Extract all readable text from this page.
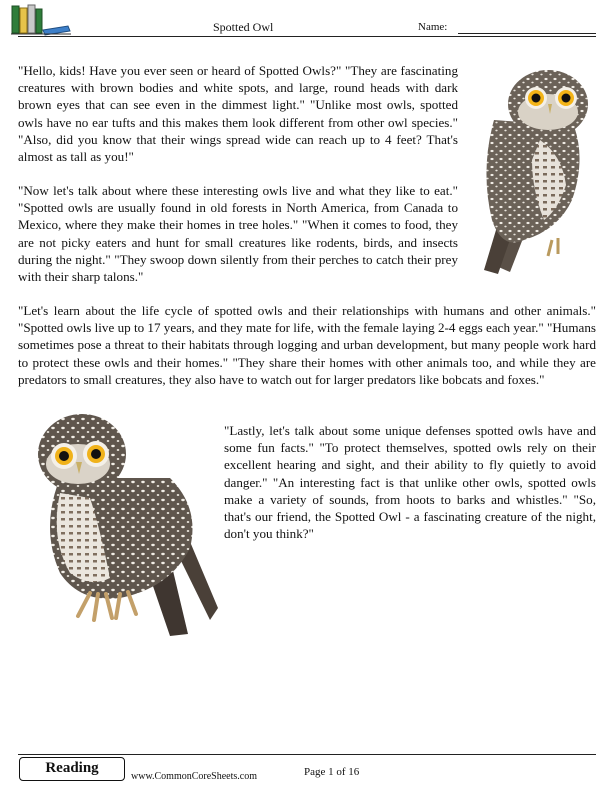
Spotted Owl	Name:

"Hello, kids! Have you ever seen or heard of Spotted Owls?" "They are fascinating creatures with brown bodies and white spots, and large, round heads with dark brown eyes that can see even in the dimmest light." "Unlike most owls, spotted owls have no ear tufts and this makes them look different from other owl species." "Also, did you know that their wings spread wide can reach up to 4 feet? That's almost as tall as you!"

"Now let's talk about where these interesting owls live and what they like to eat." "Spotted owls are usually found in old forests in North America, from Canada to Mexico, where they make their homes in tree holes." "When it comes to food, they are not picky eaters and hunt for small creatures like rodents, birds, and insects during the night." "They swoop down silently from their perches to catch their prey with their sharp talons."

"Let's learn about the life cycle of spotted owls and their relationships with humans and other animals." "Spotted owls live up to 17 years, and they mate for life, with the female laying 2-4 eggs each year." "Humans sometimes pose a threat to their habitats through logging and urban development, but many people work hard to protect these owls and their homes." "They share their homes with other animals too, and while they are predators to small creatures, they also have to watch out for larger predators like bobcats and foxes."

"Lastly, let's talk about some unique defenses spotted owls have and some fun facts." "To protect themselves, spotted owls rely on their excellent hearing and sight, and their ability to fly quietly to avoid danger." "An interesting fact is that unlike other owls, spotted owls make a variety of sounds, from hoots to barks and whistles." "So, that's our friend, the Spotted Owl - a fascinating creature of the night, don't you think?"

Reading
www.CommonCoreSheets.com	Page 1 of 16
